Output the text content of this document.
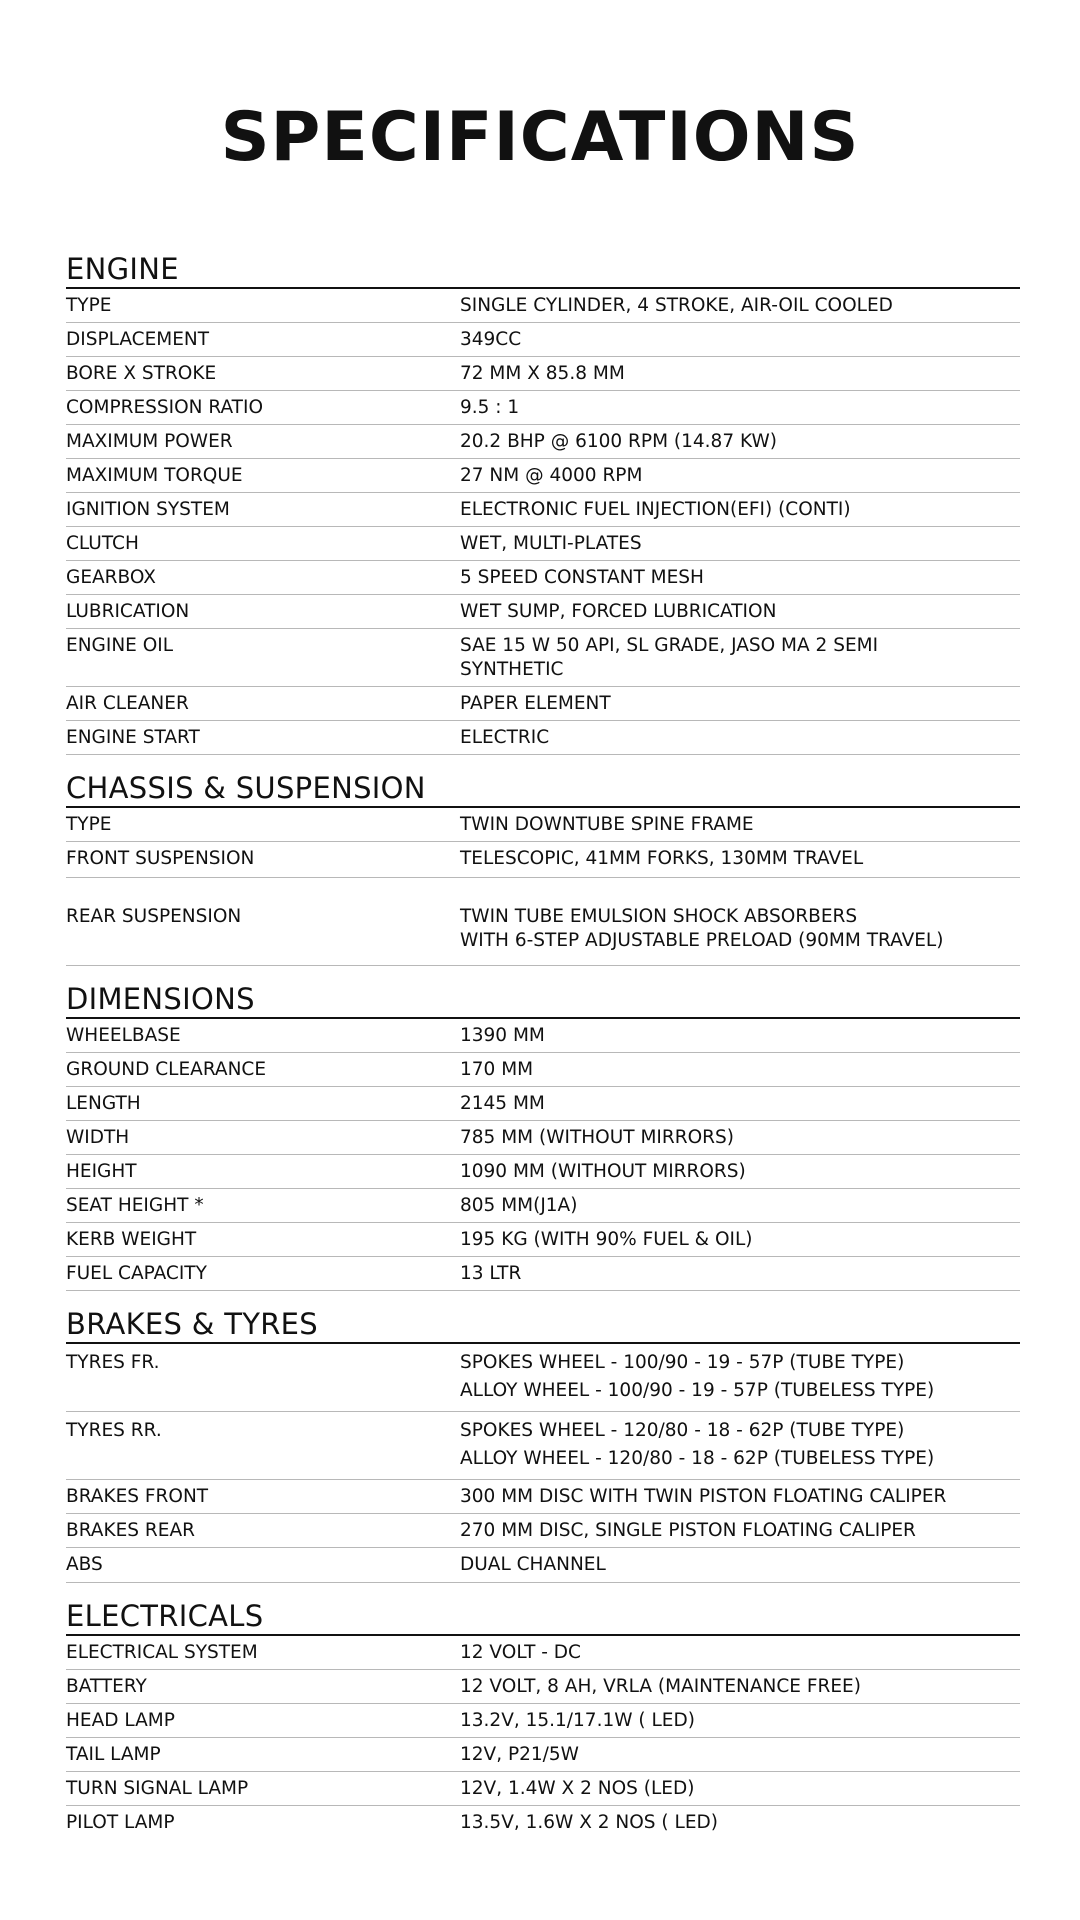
SPECIFICATIONS
ENGINE
TYPE	SINGLE CYLINDER, 4 STROKE, AIR-OIL COOLED
DISPLACEMENT	349CC
BORE X STROKE	72 MM X 85.8 MM
COMPRESSION RATIO	9.5 : 1
MAXIMUM POWER	20.2 BHP @ 6100 RPM (14.87 KW)
MAXIMUM TORQUE	27 NM @ 4000 RPM
IGNITION SYSTEM	ELECTRONIC FUEL INJECTION(EFI) (CONTI)
CLUTCH	WET, MULTI-PLATES
GEARBOX	5 SPEED CONSTANT MESH
LUBRICATION	WET SUMP, FORCED LUBRICATION
ENGINE OIL	SAE 15 W 50 API, SL GRADE, JASO MA 2 SEMI
SYNTHETIC
AIR CLEANER	PAPER ELEMENT
ENGINE START	ELECTRIC
CHASSIS & SUSPENSION
TYPE	TWIN DOWNTUBE SPINE FRAME
FRONT SUSPENSION	TELESCOPIC, 41MM FORKS, 130MM TRAVEL
REAR SUSPENSION	TWIN TUBE EMULSION SHOCK ABSORBERS
WITH 6-STEP ADJUSTABLE PRELOAD (90MM TRAVEL)
DIMENSIONS
WHEELBASE	1390 MM
GROUND CLEARANCE	170 MM
LENGTH	2145 MM
WIDTH	785 MM (WITHOUT MIRRORS)
HEIGHT	1090 MM (WITHOUT MIRRORS)
SEAT HEIGHT *	805 MM(J1A)
KERB WEIGHT	195 KG (WITH 90% FUEL & OIL)
FUEL CAPACITY	13 LTR
BRAKES & TYRES
TYRES FR.	SPOKES WHEEL - 100/90 - 19 - 57P (TUBE TYPE)
ALLOY WHEEL - 100/90 - 19 - 57P (TUBELESS TYPE)
TYRES RR.	SPOKES WHEEL - 120/80 - 18 - 62P (TUBE TYPE)
ALLOY WHEEL - 120/80 - 18 - 62P (TUBELESS TYPE)
BRAKES FRONT	300 MM DISC WITH TWIN PISTON FLOATING CALIPER
BRAKES REAR	270 MM DISC, SINGLE PISTON FLOATING CALIPER
ABS	DUAL CHANNEL
ELECTRICALS
ELECTRICAL SYSTEM	12 VOLT - DC
BATTERY	12 VOLT, 8 AH, VRLA (MAINTENANCE FREE)
HEAD LAMP	13.2V, 15.1/17.1W ( LED)
TAIL LAMP	12V, P21/5W
TURN SIGNAL LAMP	12V, 1.4W X 2 NOS (LED)
PILOT LAMP	13.5V, 1.6W X 2 NOS ( LED)
